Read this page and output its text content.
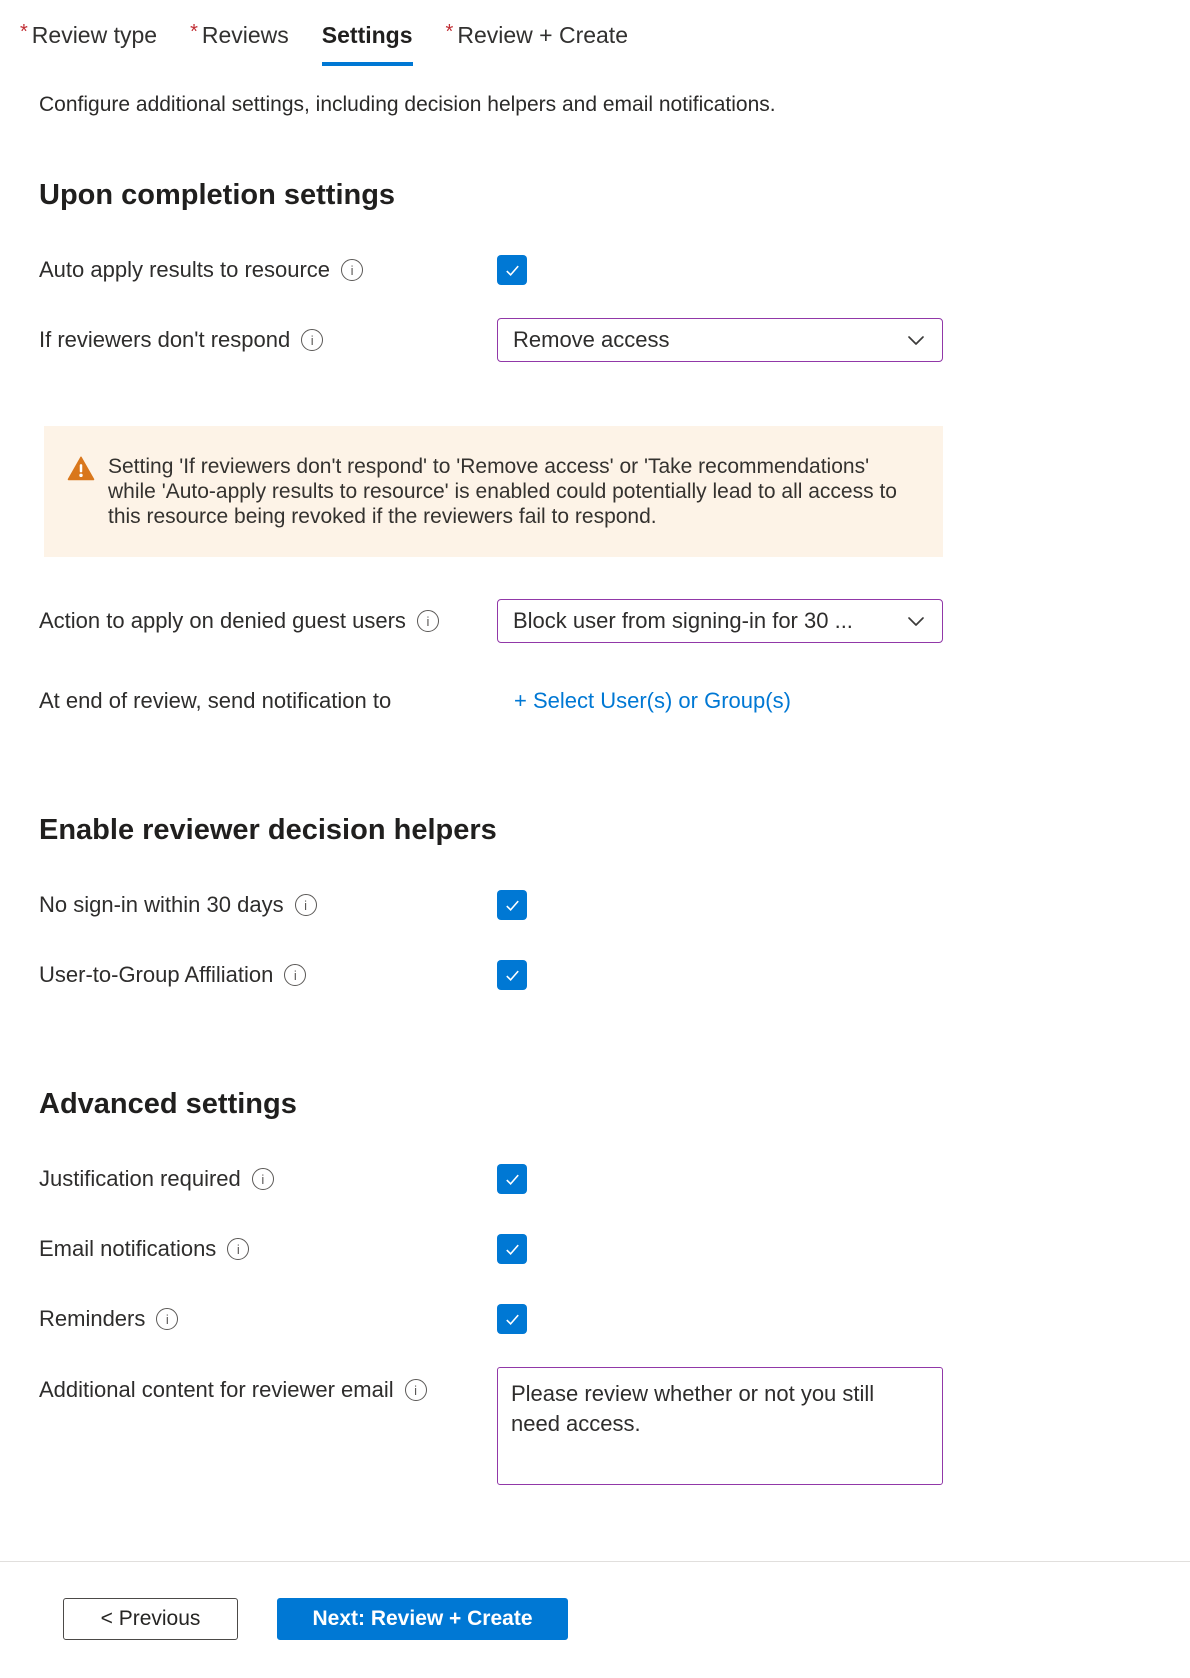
* Review type * Reviews Settings * Review + Create
Configure additional settings, including decision helpers and email notifications.
Upon completion settings
Auto apply results to resource	i
If reviewers don't respond	i	Remove access
Setting 'If reviewers don't respond' to 'Remove access' or 'Take recommendations' while 'Auto-apply results to resource' is enabled could potentially lead to all access to this resource being revoked if the reviewers fail to respond.
Action to apply on denied guest users	i	Block user from signing-in for 30 ...
At end of review, send notification to	+ Select User(s) or Group(s)
Enable reviewer decision helpers
No sign-in within 30 days	i
User-to-Group Affiliation	i
Advanced settings
Justification required	i
Email notifications	i
Reminders	i
Additional content for reviewer email	i
Please review whether or not you still need access.
< Previous	Next: Review + Create
